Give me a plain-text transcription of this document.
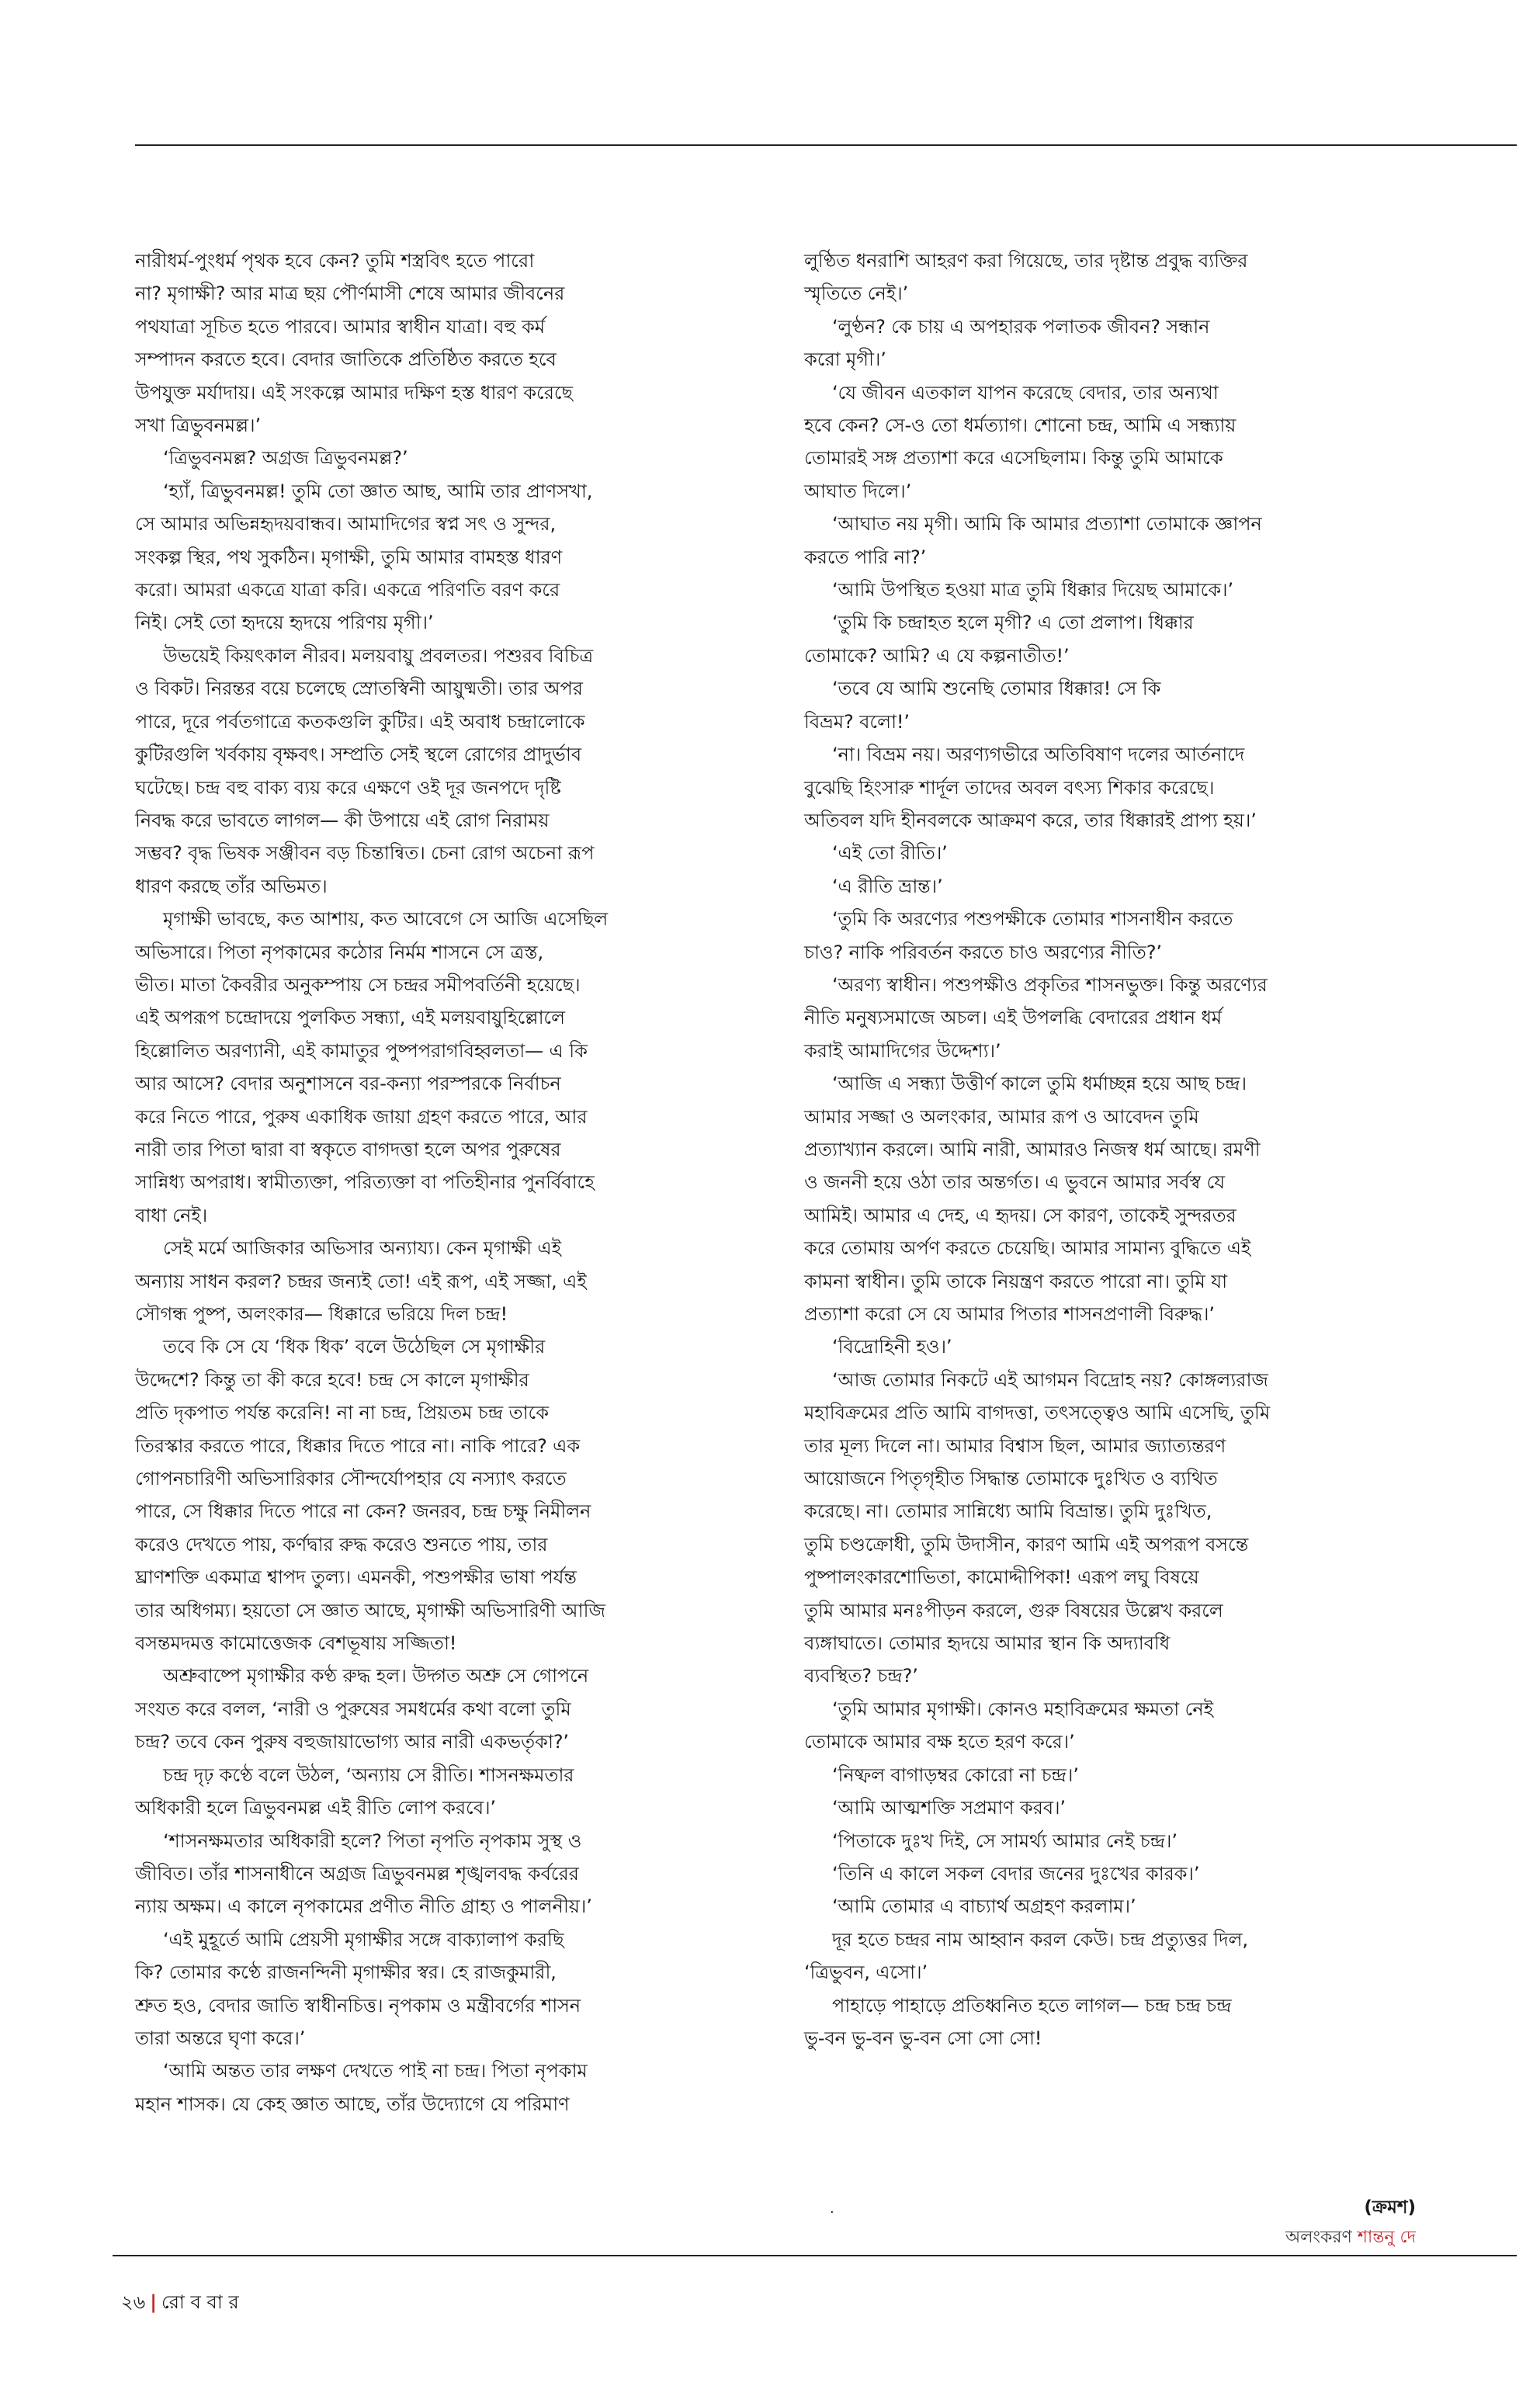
নারীধর্ম-পুংধর্ম পৃথক হবে কেন? তুমি শস্ত্রবিৎ হতে পারো

না? মৃগাক্ষী? আর মাত্র ছয় পৌর্ণমাসী শেষে আমার জীবনের

পথযাত্রা সূচিত হতে পারবে। আমার স্বাধীন যাত্রা। বহু কর্ম

সম্পাদন করতে হবে। বেদার জাতিকে প্রতিষ্ঠিত করতে হবে

উপযুক্ত মর্যাদায়। এই সংকল্পে আমার দক্ষিণ হস্ত ধারণ করেছে

সখা ত্রিভুবনমল্ল।’

‘ত্রিভুবনমল্ল? অগ্রজ ত্রিভুবনমল্ল?’

‘হ্যাঁ, ত্রিভুবনমল্ল! তুমি তো জ্ঞাত আছ, আমি তার প্রাণসখা,

সে আমার অভিন্নহৃদয়বান্ধব। আমাদিগের স্বপ্ন সৎ ও সুন্দর,

সংকল্প স্থির, পথ সুকঠিন। মৃগাক্ষী, তুমি আমার বামহস্ত ধারণ

করো। আমরা একত্রে যাত্রা করি। একত্রে পরিণতি বরণ করে

নিই। সেই তো হৃদয়ে হৃদয়ে পরিণয় মৃগী।’

উভয়েই কিয়ৎকাল নীরব। মলয়বায়ু প্রবলতর। পশুরব বিচিত্র

ও বিকট। নিরন্তর বয়ে চলেছে স্রোতস্বিনী আয়ুষ্মতী। তার অপর

পারে, দূরে পর্বতগাত্রে কতকগুলি কুটির। এই অবাধ চন্দ্রালোকে

কুটিরগুলি খর্বকায় বৃক্ষবৎ। সম্প্রতি সেই স্থলে রোগের প্রাদুর্ভাব

ঘটেছে। চন্দ্র বহু বাক্য ব্যয় করে এক্ষণে ওই দূর জনপদে দৃষ্টি

নিবদ্ধ করে ভাবতে লাগল— কী উপায়ে এই রোগ নিরাময়

সম্ভব? বৃদ্ধ ভিষক সঞ্জীবন বড় চিন্তান্বিত। চেনা রোগ অচেনা রূপ

ধারণ করছে তাঁর অভিমত।

মৃগাক্ষী ভাবছে, কত আশায়, কত আবেগে সে আজি এসেছিল

অভিসারে। পিতা নৃপকামের কঠোর নির্মম শাসনে সে ত্রস্ত,

ভীত। মাতা কৈবরীর অনুকম্পায় সে চন্দ্রর সমীপবর্তিনী হয়েছে।

এই অপরূপ চন্দ্রোদয়ে পুলকিত সন্ধ্যা, এই মলয়বায়ুহিল্লোলে

হিল্লোলিত অরণ্যানী, এই কামাতুর পুষ্পপরাগবিহ্বলতা— এ কি

আর আসে? বেদার অনুশাসনে বর-কন্যা পরস্পরকে নির্বাচন

করে নিতে পারে, পুরুষ একাধিক জায়া গ্রহণ করতে পারে, আর

নারী তার পিতা দ্বারা বা স্বকৃতে বাগদত্তা হলে অপর পুরুষের

সান্নিধ্য অপরাধ। স্বামীত্যক্তা, পরিত্যক্তা বা পতিহীনার পুনর্বিবাহে

বাধা নেই।

সেই মর্মে আজিকার অভিসার অন্যায্য। কেন মৃগাক্ষী এই

অন্যায় সাধন করল? চন্দ্রর জন্যই তো! এই রূপ, এই সজ্জা, এই

সৌগন্ধ পুষ্প, অলংকার— ধিক্কারে ভরিয়ে দিল চন্দ্র!

তবে কি সে যে ‘ধিক ধিক’ বলে উঠেছিল সে মৃগাক্ষীর

উদ্দেশে? কিন্তু তা কী করে হবে! চন্দ্র সে কালে মৃগাক্ষীর

প্রতি দৃকপাত পর্যন্ত করেনি! না না চন্দ্র, প্রিয়তম চন্দ্র তাকে

তিরস্কার করতে পারে, ধিক্কার দিতে পারে না। নাকি পারে? এক

গোপনচারিণী অভিসারিকার সৌন্দর্যোপহার যে নস্যাৎ করতে

পারে, সে ধিক্কার দিতে পারে না কেন? জনরব, চন্দ্র চক্ষু নিমীলন

করেও দেখতে পায়, কর্ণদ্বার রুদ্ধ করেও শুনতে পায়, তার

ঘ্রাণশক্তি একমাত্র শ্বাপদ তুল্য। এমনকী, পশুপক্ষীর ভাষা পর্যন্ত

তার অধিগম্য। হয়তো সে জ্ঞাত আছে, মৃগাক্ষী অভিসারিণী আজি

বসন্তমদমত্ত কামোত্তেজক বেশভূষায় সজ্জিতা!

অশ্রুবাষ্পে মৃগাক্ষীর কণ্ঠ রুদ্ধ হল। উদ্গত অশ্রু সে গোপনে

সংযত করে বলল, ‘নারী ও পুরুষের সমধর্মের কথা বলো তুমি

চন্দ্র? তবে কেন পুরুষ বহুজায়াভোগ্য আর নারী একভর্তৃকা?’

চন্দ্র দৃঢ় কণ্ঠে বলে উঠল, ‘অন্যায় সে রীতি। শাসনক্ষমতার

অধিকারী হলে ত্রিভুবনমল্ল এই রীতি লোপ করবে।’

‘শাসনক্ষমতার অধিকারী হলে? পিতা নৃপতি নৃপকাম সুস্থ ও

জীবিত। তাঁর শাসনাধীনে অগ্রজ ত্রিভুবনমল্ল শৃঙ্খলবদ্ধ কর্বরের

ন্যায় অক্ষম। এ কালে নৃপকামের প্রণীত নীতি গ্রাহ্য ও পালনীয়।’

‘এই মুহূর্তে আমি প্রেয়সী মৃগাক্ষীর সঙ্গে বাক্যালাপ করছি

কি? তোমার কণ্ঠে রাজনন্দিনী মৃগাক্ষীর স্বর। হে রাজকুমারী,

শ্রুত হও, বেদার জাতি স্বাধীনচিত্ত। নৃপকাম ও মন্ত্রীবর্গের শাসন

তারা অন্তরে ঘৃণা করে।’

‘আমি অন্তত তার লক্ষণ দেখতে পাই না চন্দ্র। পিতা নৃপকাম

মহান শাসক। যে কেহ জ্ঞাত আছে, তাঁর উদ্যোগে যে পরিমাণ

লুণ্ঠিত ধনরাশি আহরণ করা গিয়েছে, তার দৃষ্টান্ত প্রবুদ্ধ ব্যক্তির

স্মৃতিতে নেই।’

‘লুণ্ঠন? কে চায় এ অপহারক পলাতক জীবন? সন্ধান

করো মৃগী।’

‘যে জীবন এতকাল যাপন করেছে বেদার, তার অন্যথা

হবে কেন? সে-ও তো ধর্মত্যাগ। শোনো চন্দ্র, আমি এ সন্ধ্যায়

তোমারই সঙ্গ প্রত্যাশা করে এসেছিলাম। কিন্তু তুমি আমাকে

আঘাত দিলে।’

‘আঘাত নয় মৃগী। আমি কি আমার প্রত্যাশা তোমাকে জ্ঞাপন

করতে পারি না?’

‘আমি উপস্থিত হওয়া মাত্র তুমি ধিক্কার দিয়েছ আমাকে।’

‘তুমি কি চন্দ্রাহত হলে মৃগী? এ তো প্রলাপ। ধিক্কার

তোমাকে? আমি? এ যে কল্পনাতীত!’

‘তবে যে আমি শুনেছি তোমার ধিক্কার! সে কি

বিভ্রম? বলো!’

‘না। বিভ্রম নয়। অরণ্যগভীরে অতিবিষাণ দলের আর্তনাদে

বুঝেছি হিংসারু শার্দূল তাদের অবল বৎস্য শিকার করেছে।

অতিবল যদি হীনবলকে আক্রমণ করে, তার ধিক্কারই প্রাপ্য হয়।’

‘এই তো রীতি।’

‘এ রীতি ভ্রান্ত।’

‘তুমি কি অরণ্যের পশুপক্ষীকে তোমার শাসনাধীন করতে

চাও? নাকি পরিবর্তন করতে চাও অরণ্যের নীতি?’

‘অরণ্য স্বাধীন। পশুপক্ষীও প্রকৃতির শাসনভুক্ত। কিন্তু অরণ্যের

নীতি মনুষ্যসমাজে অচল। এই উপলব্ধি বেদারের প্রধান ধর্ম

করাই আমাদিগের উদ্দেশ্য।’

‘আজি এ সন্ধ্যা উত্তীর্ণ কালে তুমি ধর্মাচ্ছন্ন হয়ে আছ চন্দ্র।

আমার সজ্জা ও অলংকার, আমার রূপ ও আবেদন তুমি

প্রত্যাখ্যান করলে। আমি নারী, আমারও নিজস্ব ধর্ম আছে। রমণী

ও জননী হয়ে ওঠা তার অন্তর্গত। এ ভুবনে আমার সর্বস্ব যে

আমিই। আমার এ দেহ, এ হৃদয়। সে কারণ, তাকেই সুন্দরতর

করে তোমায় অর্পণ করতে চেয়েছি। আমার সামান্য বুদ্ধিতে এই

কামনা স্বাধীন। তুমি তাকে নিয়ন্ত্রণ করতে পারো না। তুমি যা

প্রত্যাশা করো সে যে আমার পিতার শাসনপ্রণালী বিরুদ্ধ।’

‘বিদ্রোহিনী হও।’

‘আজ তোমার নিকটে এই আগমন বিদ্রোহ নয়? কোঙ্গল্যরাজ

মহাবিক্রমের প্রতি আমি বাগদত্তা, তৎসত্ত্বেও আমি এসেছি, তুমি

তার মূল্য দিলে না। আমার বিশ্বাস ছিল, আমার জ্যাত্যন্তরণ

আয়োজনে পিতৃগৃহীত সিদ্ধান্ত তোমাকে দুঃখিত ও ব্যথিত

করেছে। না। তোমার সান্নিধ্যে আমি বিভ্রান্ত। তুমি দুঃখিত,

তুমি চণ্ডক্রোধী, তুমি উদাসীন, কারণ আমি এই অপরূপ বসন্তে

পুষ্পালংকারশোভিতা, কামোদ্দীপিকা! এরূপ লঘু বিষয়ে

তুমি আমার মনঃপীড়ন করলে, গুরু বিষয়ের উল্লেখ করলে

ব্যঙ্গাঘাতে। তোমার হৃদয়ে আমার স্থান কি অদ্যাবধি

ব্যবস্থিত? চন্দ্র?’

‘তুমি আমার মৃগাক্ষী। কোনও মহাবিক্রমের ক্ষমতা নেই

তোমাকে আমার বক্ষ হতে হরণ করে।’

‘নিষ্ফল বাগাড়ম্বর কোরো না চন্দ্র।’

‘আমি আত্মশক্তি সপ্রমাণ করব।’

‘পিতাকে দুঃখ দিই, সে সামর্থ্য আমার নেই চন্দ্র।’

‘তিনি এ কালে সকল বেদার জনের দুঃখের কারক।’

‘আমি তোমার এ বাচ্যার্থ অগ্রহণ করলাম।’

দূর হতে চন্দ্রর নাম আহ্বান করল কেউ। চন্দ্র প্রত্যুত্তর দিল,

‘ত্রিভুবন, এসো।’

পাহাড়ে পাহাড়ে প্রতিধ্বনিত হতে লাগল— চন্দ্র চন্দ্র চন্দ্র

ভু-বন ভু-বন ভু-বন সো সো সো!

.	(ক্রমশ)
অলংকরণ শান্তনু দে
২৬ | রো ব বা র
